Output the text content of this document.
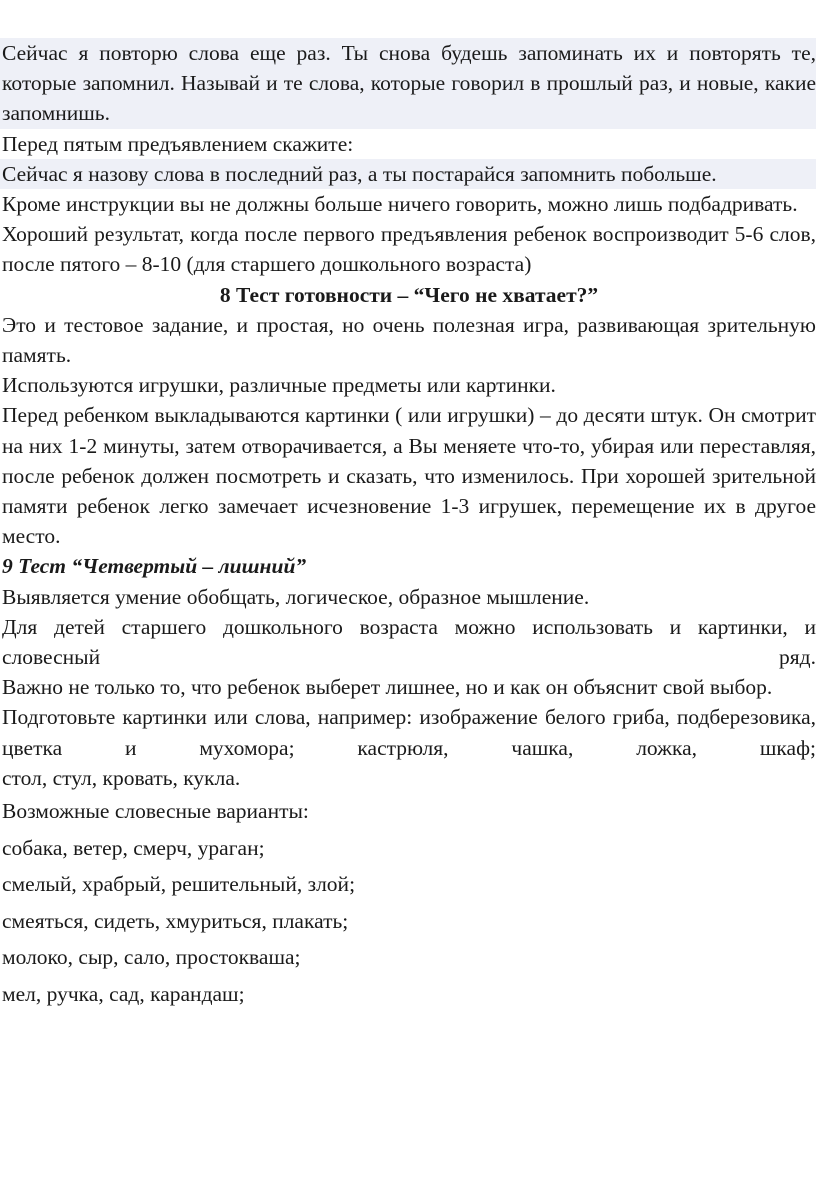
Сейчас я повторю слова еще раз. Ты снова будешь запоминать их и повторять те, которые запомнил. Называй и те слова, которые говорил в прошлый раз, и новые, какие запомнишь.

Перед пятым предъявлением скажите:

Сейчас я назову слова в последний раз, а ты постарайся запомнить побольше.

Кроме инструкции вы не должны больше ничего говорить, можно лишь подбадривать.

Хороший результат, когда после первого предъявления ребенок воспроизводит 5-6 слов, после пятого – 8-10 (для старшего дошкольного возраста)

8 Тест готовности – “Чего не хватает?”

Это и тестовое задание, и простая, но очень полезная игра, развивающая зрительную память.

Используются игрушки, различные предметы или картинки.

Перед ребенком выкладываются картинки ( или игрушки) – до десяти штук. Он смотрит на них 1-2 минуты, затем отворачивается, а Вы меняете что-то, убирая или переставляя, после ребенок должен посмотреть и сказать, что изменилось. При хорошей зрительной памяти ребенок легко замечает исчезновение 1-3 игрушек, перемещение их в другое место.

9 Тест “Четвертый – лишний”

Выявляется умение обобщать, логическое, образное мышление.

Для детей старшего дошкольного возраста можно использовать и картинки, и словесный ряд.

Важно не только то, что ребенок выберет лишнее, но и как он объяснит свой выбор.

Подготовьте картинки или слова, например: изображение белого гриба, подберезовика, цветка и мухомора; кастрюля, чашка, ложка, шкаф;

стол, стул, кровать, кукла.

Возможные словесные варианты:

собака, ветер, смерч, ураган;

смелый, храбрый, решительный, злой;

смеяться, сидеть, хмуриться, плакать;

молоко, сыр, сало, простокваша;

мел, ручка, сад, карандаш;
